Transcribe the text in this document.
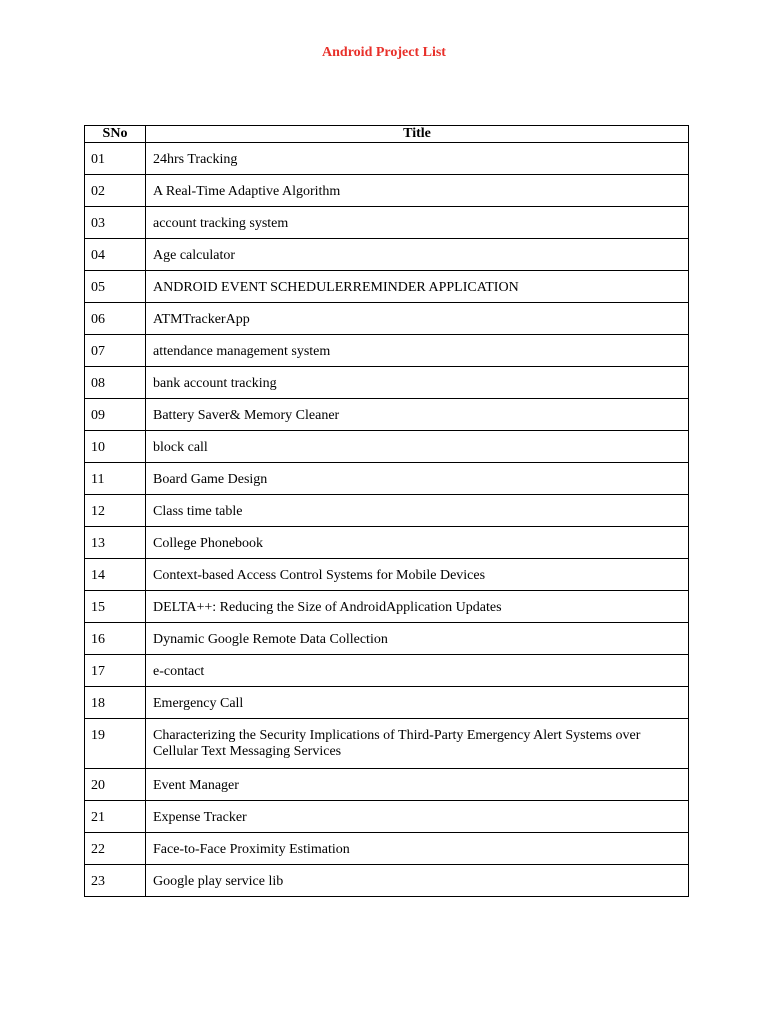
Android Project List
SNo	Title
01	24hrs Tracking
02	A Real-Time Adaptive Algorithm
03	account tracking system
04	Age calculator
05	ANDROID EVENT SCHEDULERREMINDER APPLICATION
06	ATMTrackerApp
07	attendance management system
08	bank account tracking
09	Battery Saver& Memory Cleaner
10	block call
11	Board Game Design
12	Class time table
13	College Phonebook
14	Context-based Access Control Systems for Mobile Devices
15	DELTA++: Reducing the Size of AndroidApplication Updates
16	Dynamic Google Remote Data Collection
17	e-contact
18	Emergency Call
19	Characterizing the Security Implications of Third-Party Emergency Alert Systems over Cellular Text Messaging Services
20	Event Manager
21	Expense Tracker
22	Face-to-Face Proximity Estimation
23	Google play service lib
